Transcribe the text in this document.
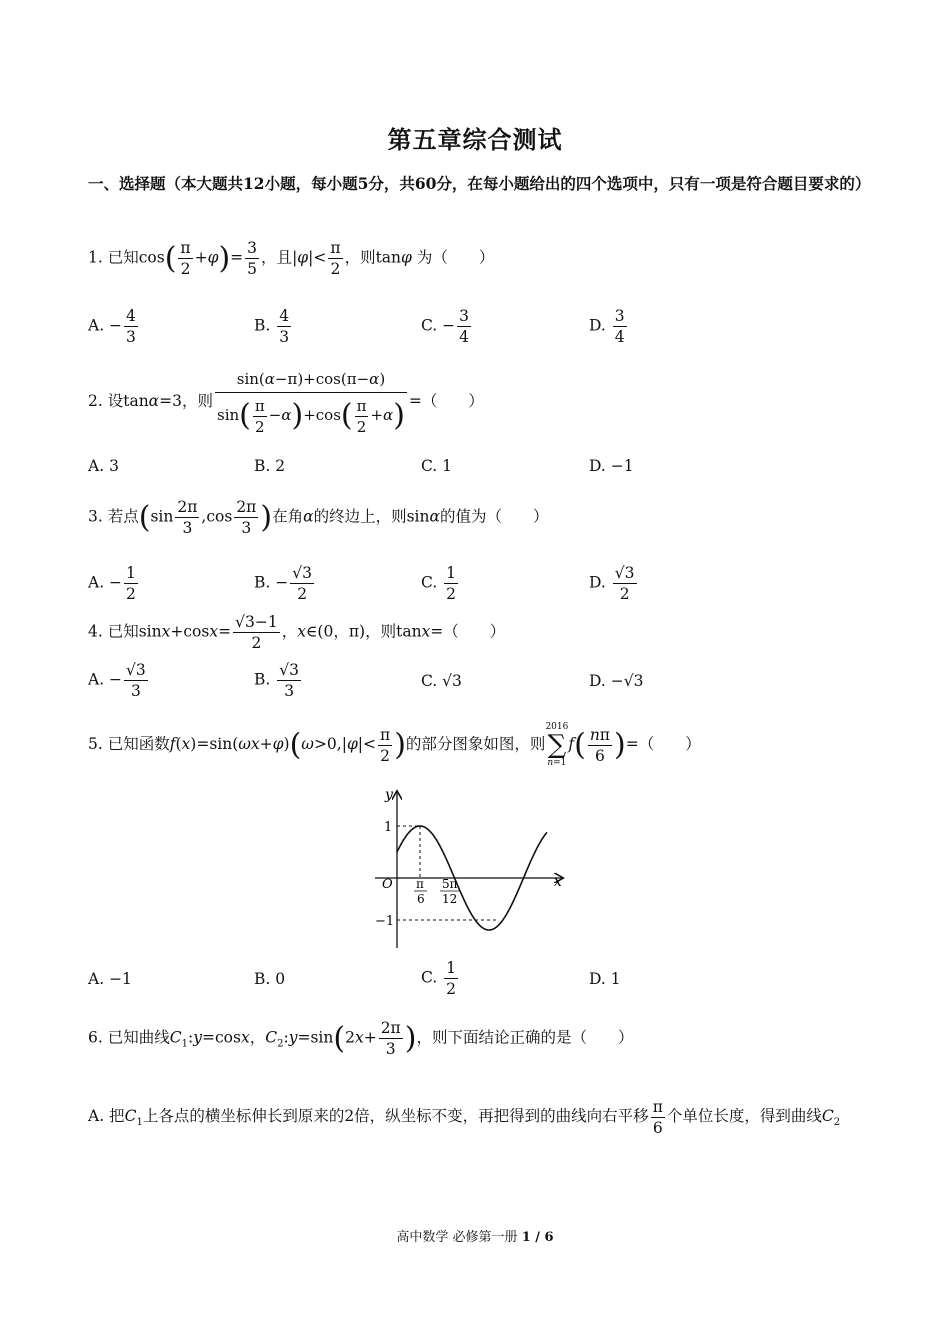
第五章综合测试
一、选择题（本大题共12小题，每小题5分，共60分，在每小题给出的四个选项中，只有一项是符合题目要求的）
1. 已知$\cos( \frac{\pi}{2} +\varphi)= \frac{3}{5}$ ，且$|\varphi|< \frac{\pi}{2}$ ，则tanφ 为（　　）
A. − $\frac{4}{3}$	B. $\frac{4}{3}$	C. − $\frac{3}{4}$	D. $\frac{3}{4}$
2. 设tanα=3，则 $\frac{\sin(\alpha-\pi)+\cos(\pi-\alpha)}{\sin( \frac{\pi}{2} -\alpha)+\cos( \frac{\pi}{2} +\alpha)}$ =（　　）
A. 3	B. 2	C. 1	D. −1
3. 若点($\sin \frac{2\pi}{3} ,\cos \frac{2\pi}{3}$ )在角α的终边上，则sinα的值为（　　）
A. − $\frac{1}{2}$	B. − $\frac{√3}{2}$	C. $\frac{1}{2}$	D. $\frac{√3}{2}$
4. 已知$\sin x+\cos x= \frac{√3-1}{2}$ ，x∈(0，π)，则tanx=（　　）
A. − $\frac{√3}{3}$	B. $\frac{√3}{3}$	C. √3	D. −√3
5. 已知函数$f(x)=\sin(\omega x+\varphi)(\omega>0,|\varphi|< \frac{\pi}{2}$ )的部分图象如图，则2016
∑
$n=1f( \frac{n\pi}{6}$ )=（　　）
y
x
O
1
−1
π
6
5π
12
A. −1	B. 0	C. $\frac{1}{2}$	D. 1
6. 已知曲线$C_1:y=\cos x$，$C_2:y=\sin(2x+ \frac{2\pi}{3}$ )，则下面结论正确的是（　　）
A. 把$C_1$上各点的横坐标伸长到原来的2倍，纵坐标不变，再把得到的曲线向右平移 $\frac{\pi}{6}$ 个单位长度，得到曲线$C_2$
高中数学 必修第一册 1 / 6
